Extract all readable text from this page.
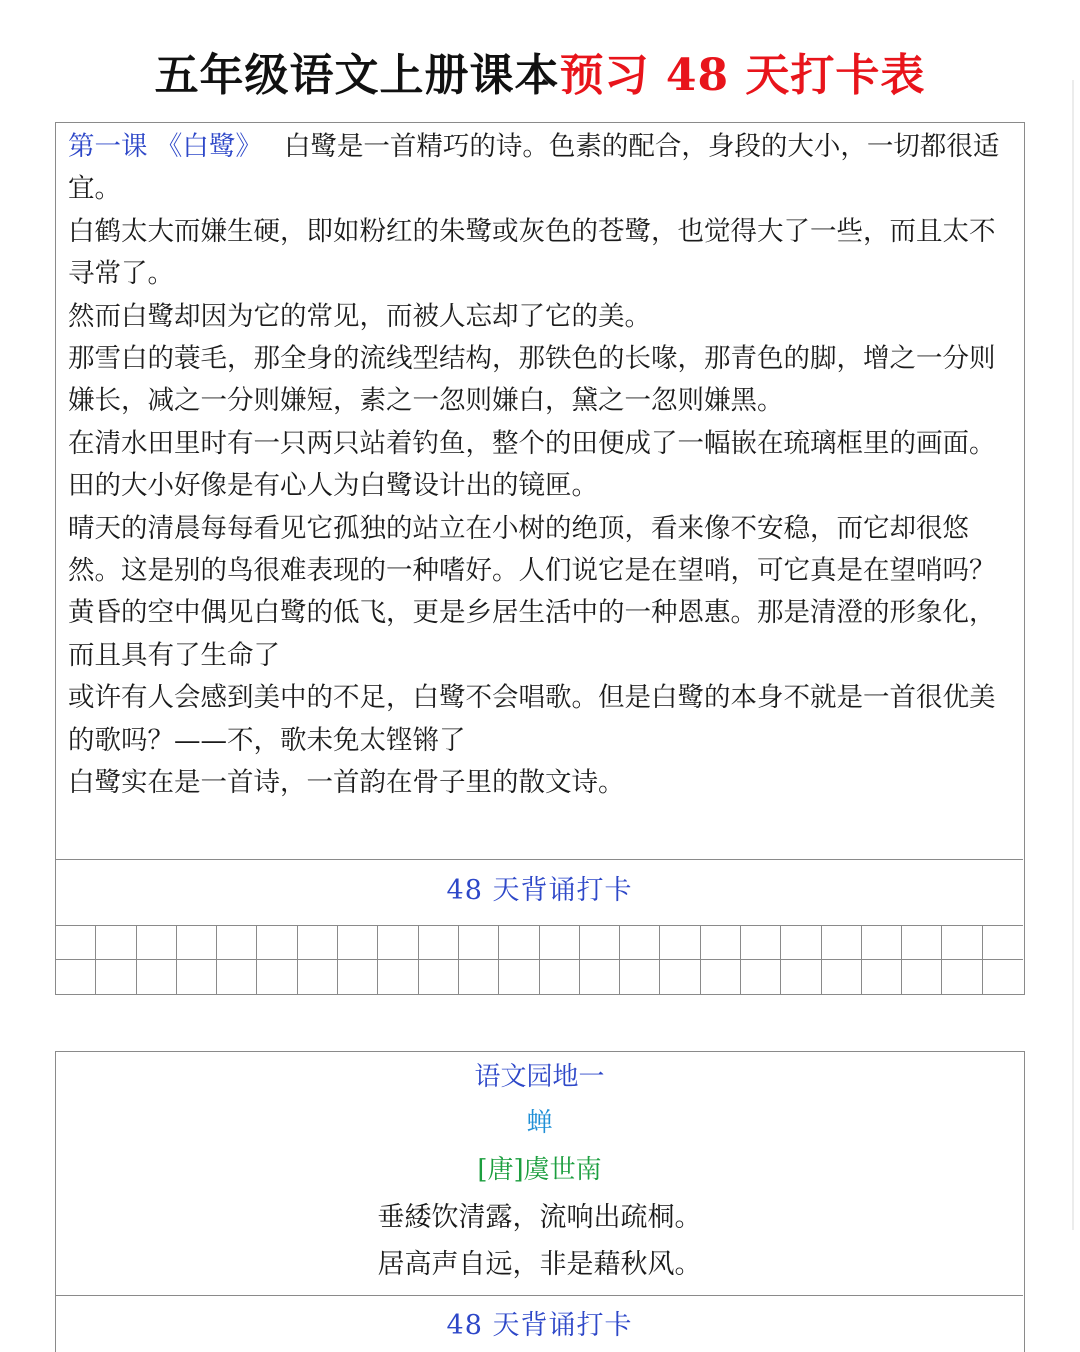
五年级语文上册课本预习 48 天打卡表

第一课 《白鹭》 白鹭是一首精巧的诗。色素的配合，身段的大小，一切都很适宜。

白鹤太大而嫌生硬，即如粉红的朱鹭或灰色的苍鹭，也觉得大了一些，而且太不寻常了。

然而白鹭却因为它的常见，而被人忘却了它的美。

那雪白的蓑毛，那全身的流线型结构，那铁色的长喙，那青色的脚，增之一分则嫌长，减之一分则嫌短，素之一忽则嫌白，黛之一忽则嫌黑。

在清水田里时有一只两只站着钓鱼，整个的田便成了一幅嵌在琉璃框里的画面。田的大小好像是有心人为白鹭设计出的镜匣。

晴天的清晨每每看见它孤独的站立在小树的绝顶，看来像不安稳，而它却很悠然。这是别的鸟很难表现的一种嗜好。人们说它是在望哨，可它真是在望哨吗？

黄昏的空中偶见白鹭的低飞，更是乡居生活中的一种恩惠。那是清澄的形象化，而且具有了生命了

或许有人会感到美中的不足，白鹭不会唱歌。但是白鹭的本身不就是一首很优美的歌吗？——不，歌未免太铿锵了

白鹭实在是一首诗，一首韵在骨子里的散文诗。

48 天背诵打卡
语文园地一
蝉
[唐]虞世南
垂緌饮清露，流响出疏桐。
居高声自远，非是藉秋风。
48 天背诵打卡
